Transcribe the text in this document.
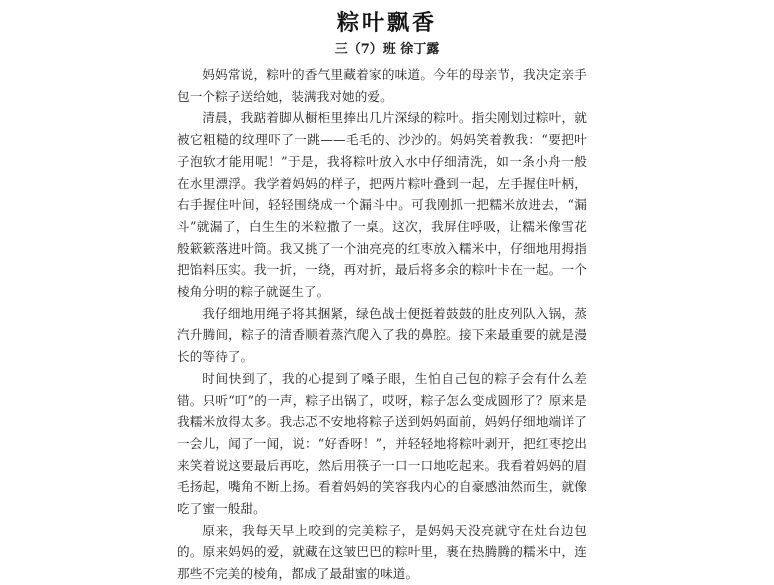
粽叶飘香
三（7）班 徐丁露

妈妈常说，粽叶的香气里藏着家的味道。今年的母亲节，我决定亲手包一个粽子送给她，装满我对她的爱。

清晨，我踮着脚从橱柜里捧出几片深绿的粽叶。指尖刚划过粽叶，就被它粗糙的纹理吓了一跳——毛毛的、沙沙的。妈妈笑着教我：“要把叶子泡软才能用呢！”于是，我将粽叶放入水中仔细清洗，如一条小舟一般在水里漂浮。我学着妈妈的样子，把两片粽叶叠到一起，左手握住叶柄，右手握住叶间，轻轻围绕成一个漏斗中。可我刚抓一把糯米放进去，“漏斗”就漏了，白生生的米粒撒了一桌。这次，我屏住呼吸，让糯米像雪花般簌簌落进叶筒。我又挑了一个油亮亮的红枣放入糯米中，仔细地用拇指把馅料压实。我一折，一绕，再对折，最后将多余的粽叶卡在一起。一个棱角分明的粽子就诞生了。

我仔细地用绳子将其捆紧，绿色战士便挺着鼓鼓的肚皮列队入锅，蒸汽升腾间，粽子的清香顺着蒸汽爬入了我的鼻腔。接下来最重要的就是漫长的等待了。

时间快到了，我的心提到了嗓子眼，生怕自己包的粽子会有什么差错。只听“叮”的一声，粽子出锅了，哎呀，粽子怎么变成圆形了？原来是我糯米放得太多。我忐忑不安地将粽子送到妈妈面前，妈妈仔细地端详了一会儿，闻了一闻，说：“好香呀！”，并轻轻地将粽叶剥开，把红枣挖出来笑着说这要最后再吃，然后用筷子一口一口地吃起来。我看着妈妈的眉毛扬起，嘴角不断上扬。看着妈妈的笑容我内心的自豪感油然而生，就像吃了蜜一般甜。

原来，我每天早上咬到的完美粽子，是妈妈天没亮就守在灶台边包的。原来妈妈的爱，就藏在这皱巴巴的粽叶里，裹在热腾腾的糯米中，连那些不完美的棱角，都成了最甜蜜的味道。
